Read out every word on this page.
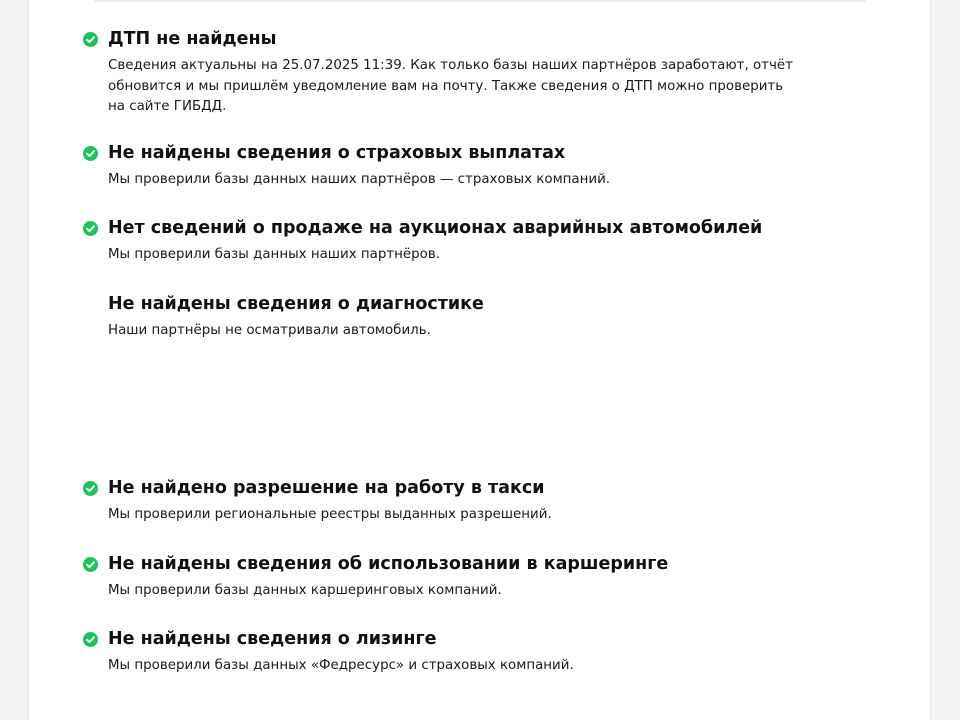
ДТП не найдены

Сведения актуальны на 25.07.2025 11:39. Как только базы наших партнёров заработают, отчёт обновится и мы пришлём уведомление вам на почту. Также сведения о ДТП можно проверить на сайте ГИБДД.

Не найдены сведения о страховых выплатах

Мы проверили базы данных наших партнёров — страховых компаний.

Нет сведений о продаже на аукционах аварийных автомобилей

Мы проверили базы данных наших партнёров.

Не найдены сведения о диагностике

Наши партнёры не осматривали автомобиль.

Не найдено разрешение на работу в такси

Мы проверили региональные реестры выданных разрешений.

Не найдены сведения об использовании в каршеринге

Мы проверили базы данных каршеринговых компаний.

Не найдены сведения о лизинге

Мы проверили базы данных «Федресурс» и страховых компаний.
